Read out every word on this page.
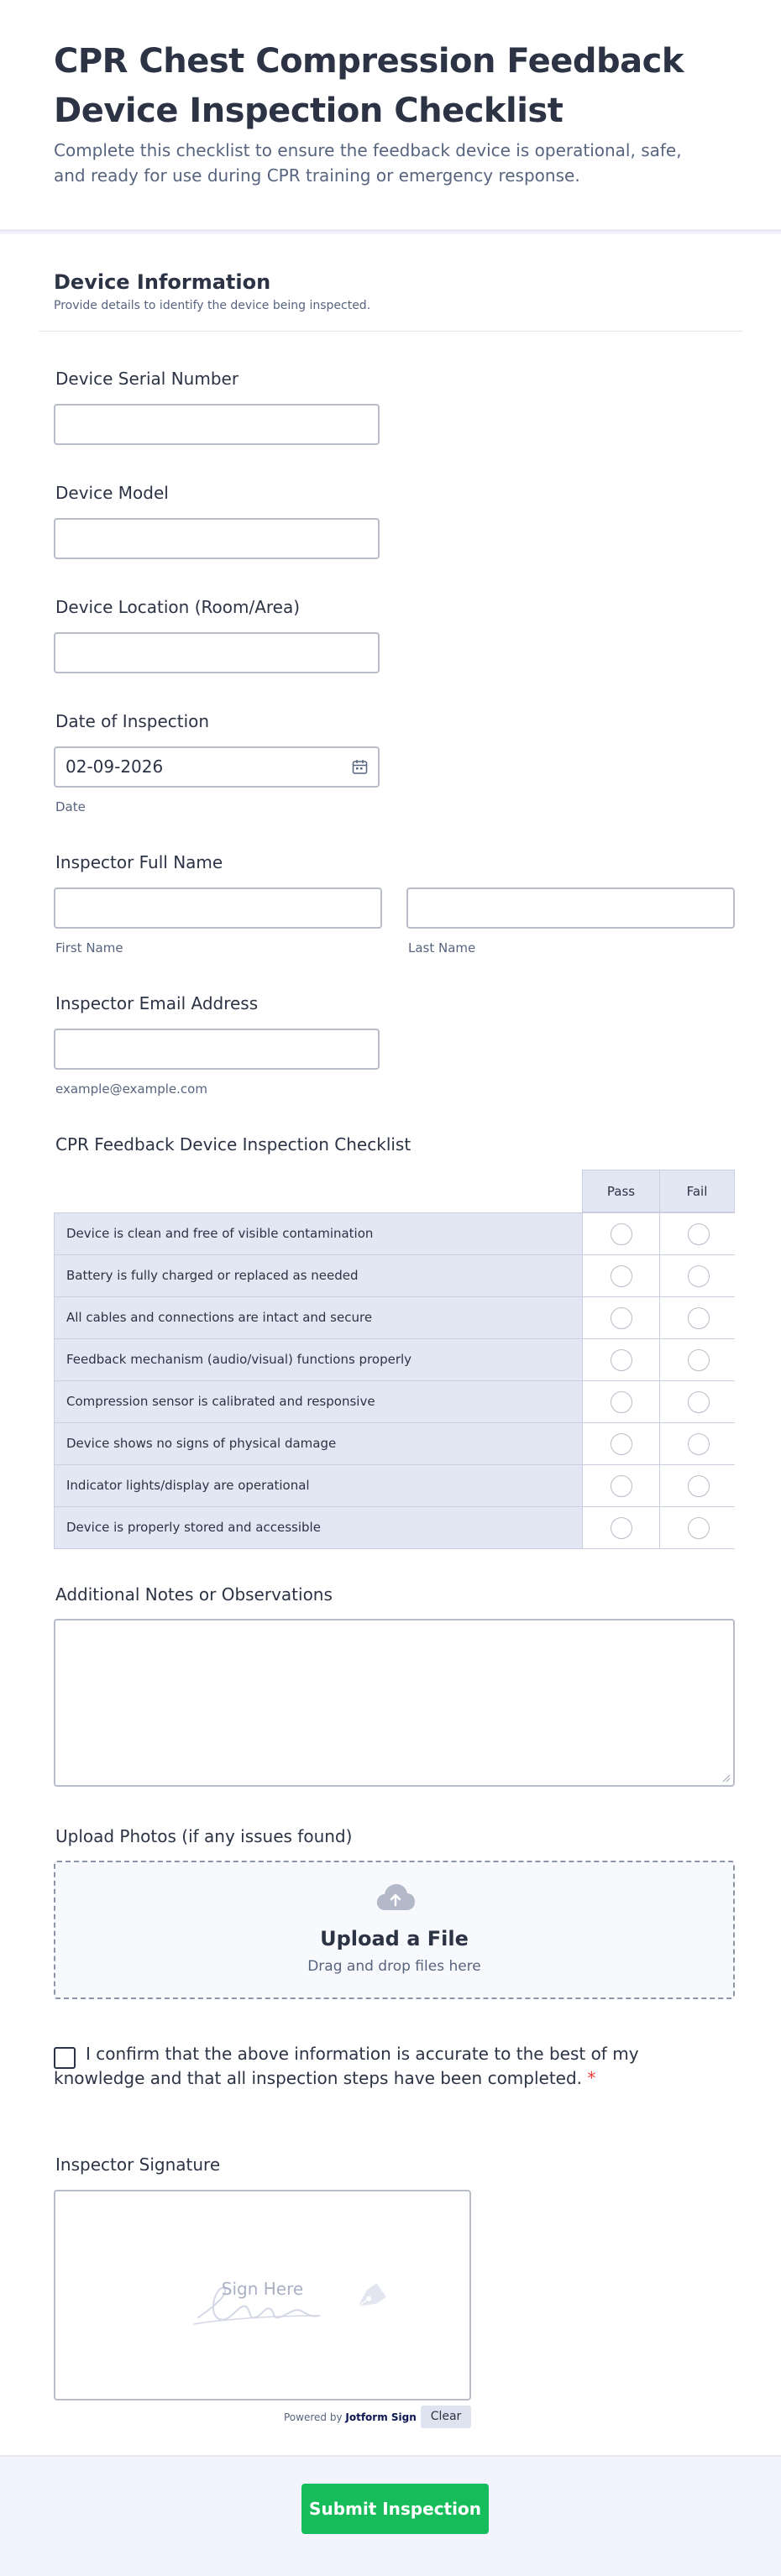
CPR Chest Compression Feedback Device Inspection Checklist
Complete this checklist to ensure the feedback device is operational, safe, and ready for use during CPR training or emergency response.
Device Information
Provide details to identify the device being inspected.
Device Serial Number
Device Model
Device Location (Room/Area)
Date of Inspection
02-09-2026
Date
Inspector Full Name
First Name	Last Name
Inspector Email Address
example@example.com
CPR Feedback Device Inspection Checklist
Pass	Fail
Device is clean and free of visible contamination
Battery is fully charged or replaced as needed
All cables and connections are intact and secure
Feedback mechanism (audio/visual) functions properly
Compression sensor is calibrated and responsive
Device shows no signs of physical damage
Indicator lights/display are operational
Device is properly stored and accessible
Additional Notes or Observations
Upload Photos (if any issues found)
Upload a File
Drag and drop files here
I confirm that the above information is accurate to the best of my knowledge and that all inspection steps have been completed. *
Inspector Signature
Sign Here
Powered by Jotform Sign	Clear
Submit Inspection
